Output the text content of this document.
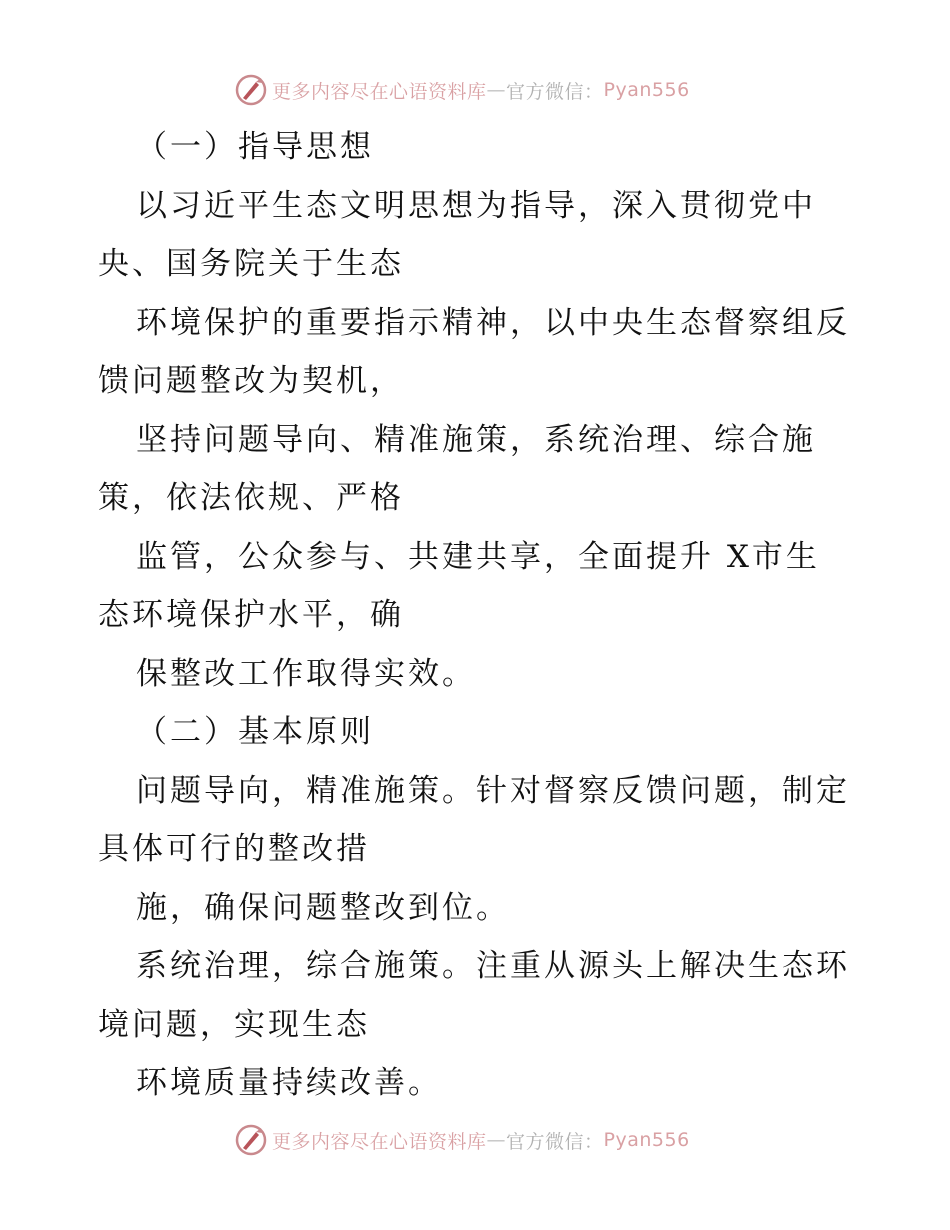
更多内容尽在心语资料库 — 官方微信： Pyan556
（一）指导思想
以习近平生态文明思想为指导，深入贯彻党中
央、国务院关于生态
环境保护的重要指示精神，以中央生态督察组反
馈问题整改为契机，
坚持问题导向、精准施策，系统治理、综合施
策，依法依规、严格
监管，公众参与、共建共享，全面提升 X市生
态环境保护水平，确
保整改工作取得实效。
（二）基本原则
问题导向，精准施策。针对督察反馈问题，制定
具体可行的整改措
施，确保问题整改到位。
系统治理，综合施策。注重从源头上解决生态环
境问题，实现生态
环境质量持续改善。
更多内容尽在心语资料库 — 官方微信： Pyan556
